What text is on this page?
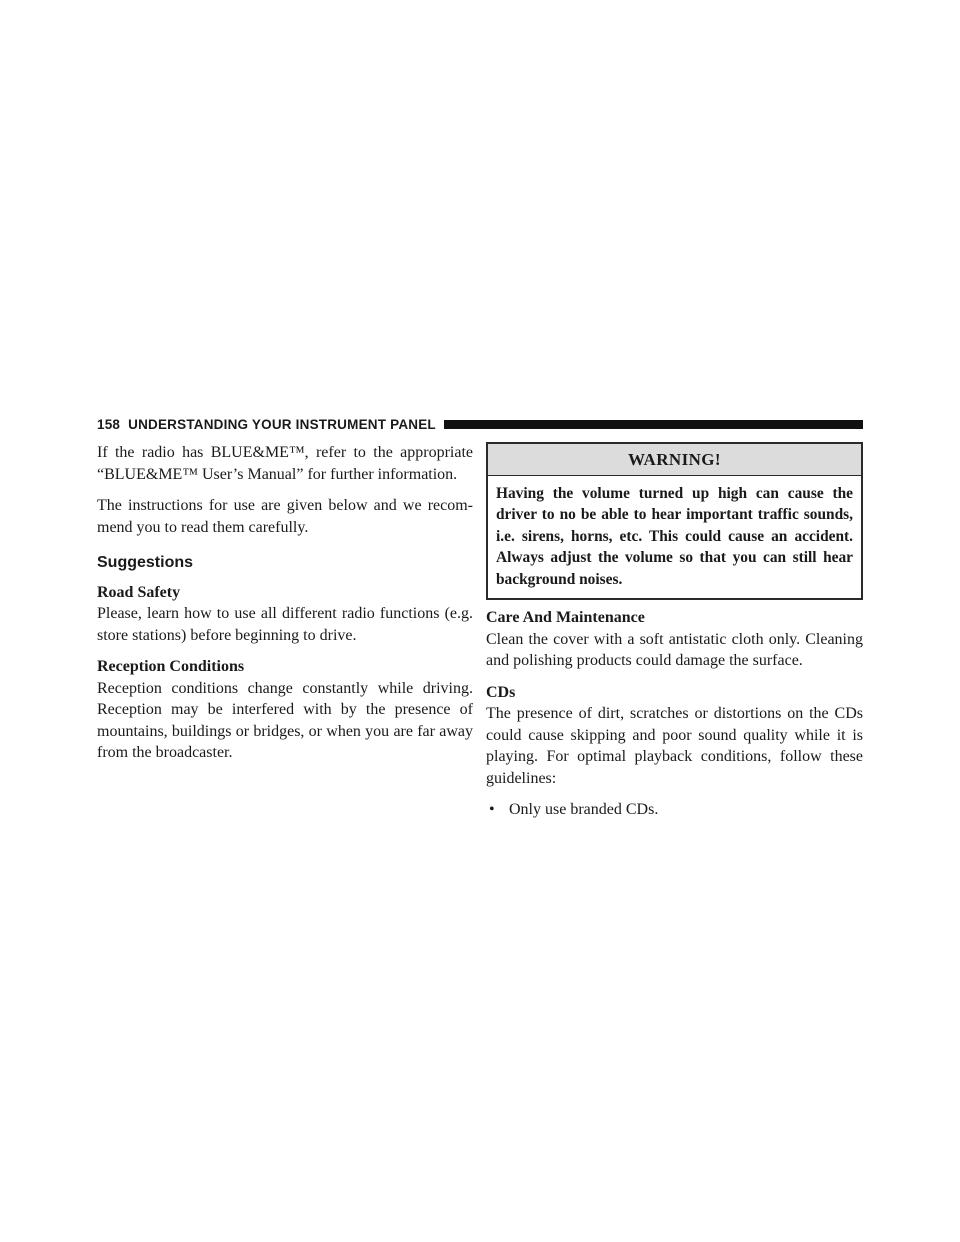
158 UNDERSTANDING YOUR INSTRUMENT PANEL

If the radio has BLUE&ME™, refer to the appropriate “BLUE&ME™ User’s Manual” for further information.

The instructions for use are given below and we recom-mend you to read them carefully.

Suggestions
Road Safety

Please, learn how to use all different radio functions (e.g. store stations) before beginning to drive.

Reception Conditions

Reception conditions change constantly while driving. Reception may be interfered with by the presence of mountains, buildings or bridges, or when you are far away from the broadcaster.

WARNING!
Having the volume turned up high can cause the driver to no be able to hear important traffic sounds, i.e. sirens, horns, etc. This could cause an accident. Always adjust the volume so that you can still hear background noises.
Care And Maintenance

Clean the cover with a soft antistatic cloth only. Cleaning and polishing products could damage the surface.

CDs

The presence of dirt, scratches or distortions on the CDs could cause skipping and poor sound quality while it is playing. For optimal playback conditions, follow these guidelines:

• Only use branded CDs.
